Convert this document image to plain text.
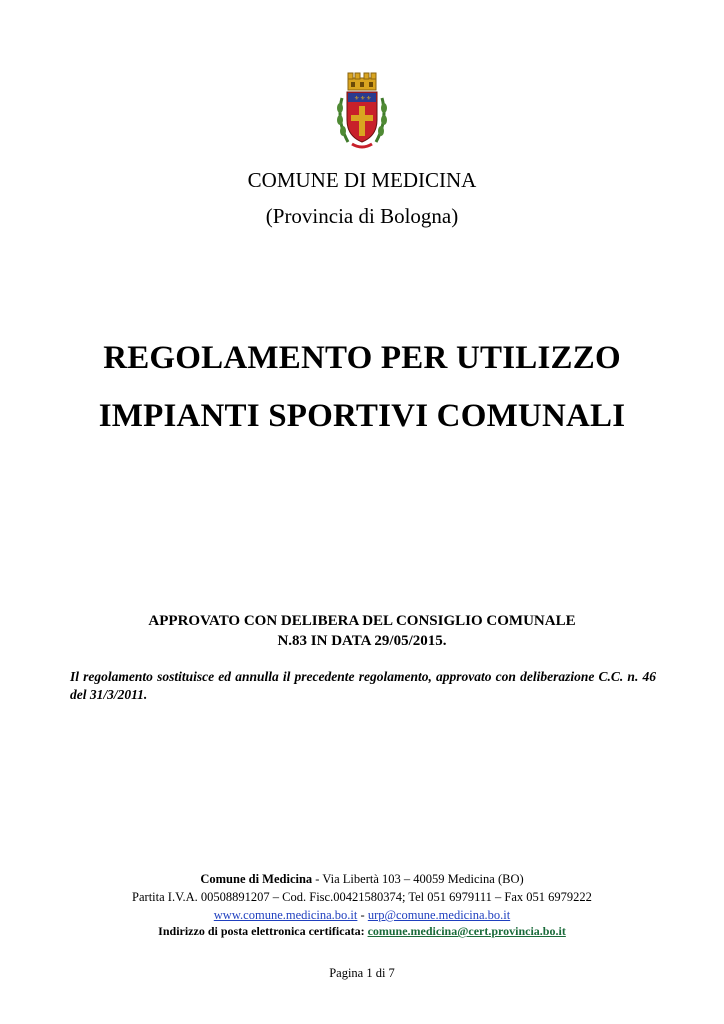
⚜ ⚜ ⚜
COMUNE DI MEDICINA
(Provincia di Bologna)
REGOLAMENTO PER UTILIZZO
IMPIANTI SPORTIVI COMUNALI
APPROVATO CON DELIBERA DEL CONSIGLIO COMUNALE
N.83 IN DATA 29/05/2015.
Il regolamento sostituisce ed annulla il precedente regolamento, approvato con deliberazione C.C. n. 46 del 31/3/2011.
Comune di Medicina - Via Libertà 103 – 40059 Medicina (BO)
Partita I.V.A. 00508891207 – Cod. Fisc.00421580374; Tel 051 6979111 – Fax 051 6979222
www.comune.medicina.bo.it - urp@comune.medicina.bo.it
Indirizzo di posta elettronica certificata: comune.medicina@cert.provincia.bo.it
Pagina 1 di 7
